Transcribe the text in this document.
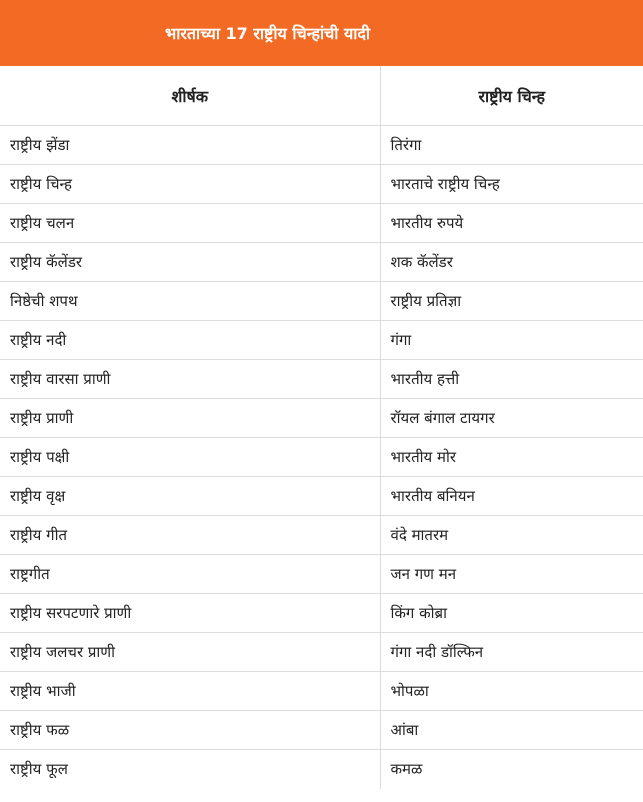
भारताच्या 17 राष्ट्रीय चिन्हांची यादी
शीर्षक	राष्ट्रीय चिन्ह
राष्ट्रीय झेंडा	तिरंगा
राष्ट्रीय चिन्ह	भारताचे राष्ट्रीय चिन्ह
राष्ट्रीय चलन	भारतीय रुपये
राष्ट्रीय कॅलेंडर	शक कॅलेंडर
निष्ठेची शपथ	राष्ट्रीय प्रतिज्ञा
राष्ट्रीय नदी	गंगा
राष्ट्रीय वारसा प्राणी	भारतीय हत्ती
राष्ट्रीय प्राणी	रॉयल बंगाल टायगर
राष्ट्रीय पक्षी	भारतीय मोर
राष्ट्रीय वृक्ष	भारतीय बनियन
राष्ट्रीय गीत	वंदे मातरम
राष्ट्रगीत	जन गण मन
राष्ट्रीय सरपटणारे प्राणी	किंग कोब्रा
राष्ट्रीय जलचर प्राणी	गंगा नदी डॉल्फिन
राष्ट्रीय भाजी	भोपळा
राष्ट्रीय फळ	आंबा
राष्ट्रीय फूल	कमळ
